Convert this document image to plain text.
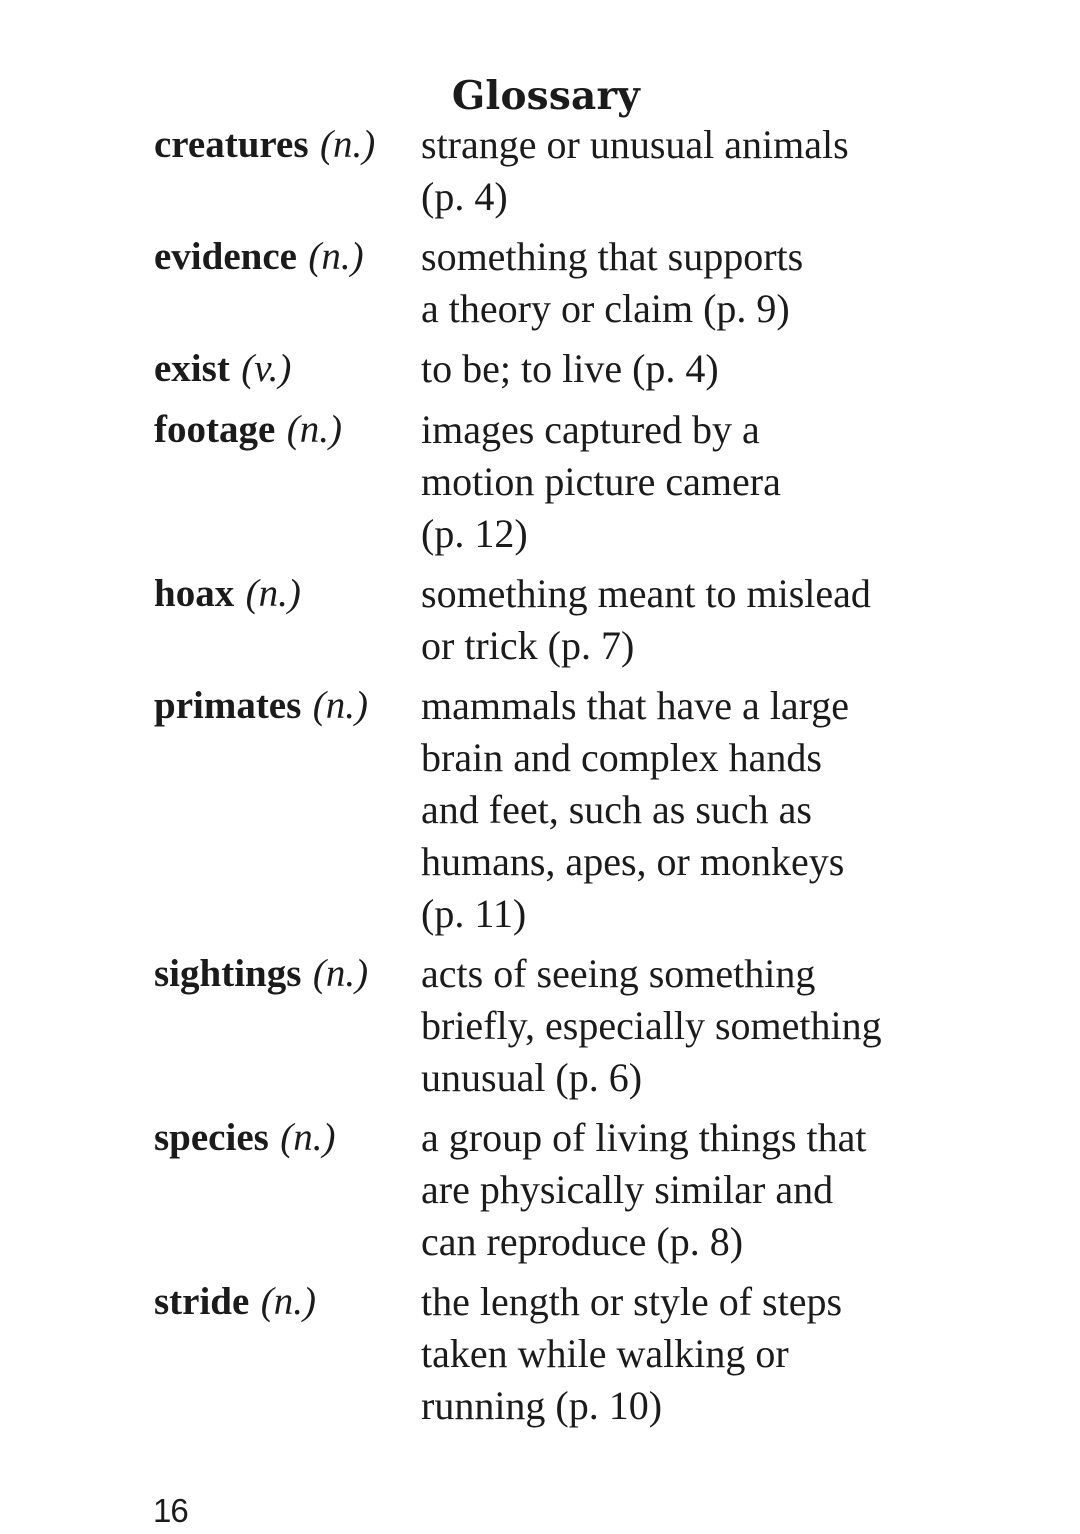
Glossary
creatures (n.)	strange or unusual animals
(p. 4)
evidence (n.)	something that supports
a theory or claim (p. 9)
exist (v.)	to be; to live (p. 4)
footage (n.)	images captured by a
motion picture camera
(p. 12)
hoax (n.)	something meant to mislead
or trick (p. 7)
primates (n.)	mammals that have a large
brain and complex hands
and feet, such as such as
humans, apes, or monkeys
(p. 11)
sightings (n.)	acts of seeing something
briefly, especially something
unusual (p. 6)
species (n.)	a group of living things that
are physically similar and
can reproduce (p. 8)
stride (n.)	the length or style of steps
taken while walking or
running (p. 10)
16
